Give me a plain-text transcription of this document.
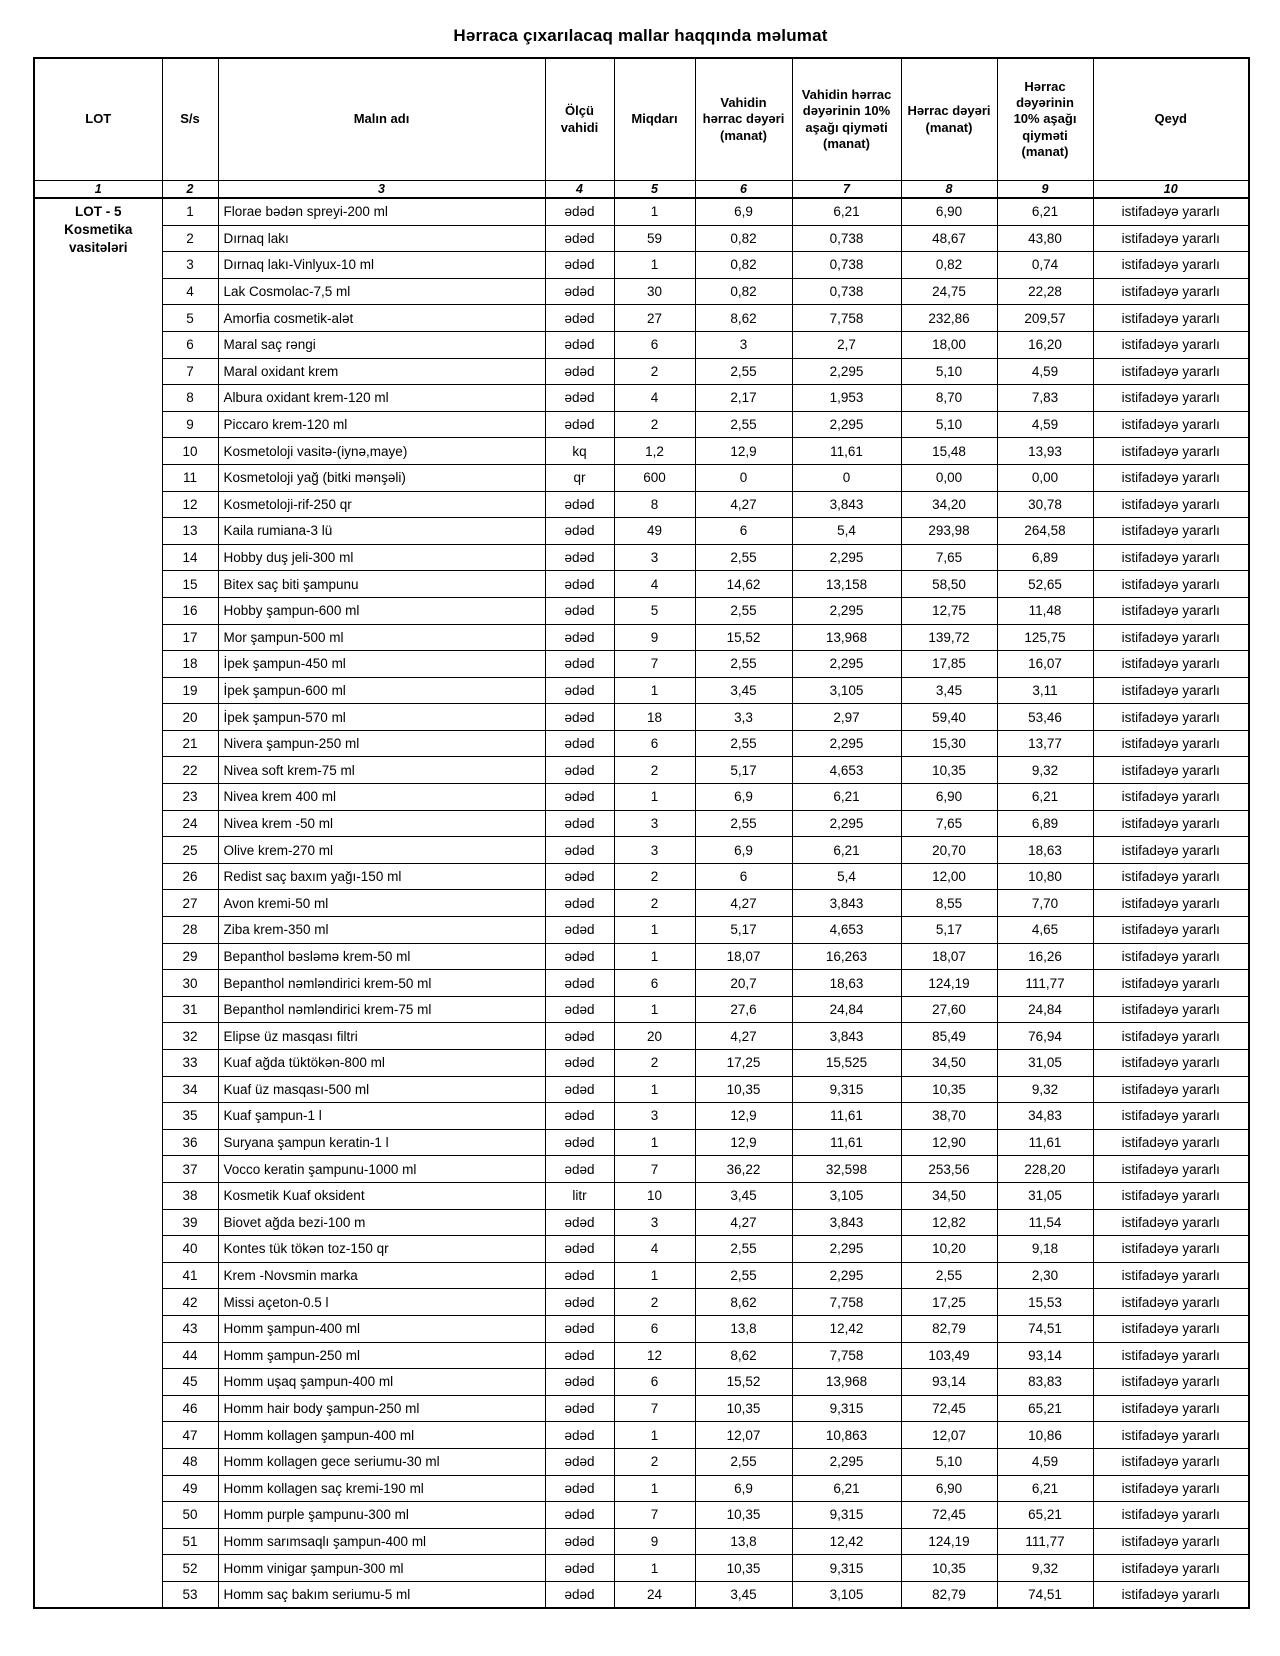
Hərraca çıxarılacaq mallar haqqında məlumat
LOT	S/s	Malın adı	Ölçü vahidi	Miqdarı	Vahidin hərrac dəyəri (manat)	Vahidin hərrac dəyərinin 10% aşağı qiyməti (manat)	Hərrac dəyəri (manat)	Hərrac dəyərinin 10% aşağı qiyməti (manat)	Qeyd
1	2	3	4	5	6	7	8	9	10

LOT - 5
Kosmetika
vasitələri	1	Florae bədən spreyi-200 ml	ədəd	1	6,9	6,21	6,90	6,21	istifadəyə yararlı
	2	Dırnaq lakı	ədəd	59	0,82	0,738	48,67	43,80	istifadəyə yararlı
	3	Dırnaq lakı-Vinlyux-10 ml	ədəd	1	0,82	0,738	0,82	0,74	istifadəyə yararlı
	4	Lak Cosmolac-7,5 ml	ədəd	30	0,82	0,738	24,75	22,28	istifadəyə yararlı
	5	Amorfia cosmetik-alət	ədəd	27	8,62	7,758	232,86	209,57	istifadəyə yararlı
	6	Maral saç rəngi	ədəd	6	3	2,7	18,00	16,20	istifadəyə yararlı
	7	Maral oxidant krem	ədəd	2	2,55	2,295	5,10	4,59	istifadəyə yararlı
	8	Albura oxidant krem-120 ml	ədəd	4	2,17	1,953	8,70	7,83	istifadəyə yararlı
	9	Piccaro krem-120 ml	ədəd	2	2,55	2,295	5,10	4,59	istifadəyə yararlı
	10	Kosmetoloji vasitə-(iynə,maye)	kq	1,2	12,9	11,61	15,48	13,93	istifadəyə yararlı
	11	Kosmetoloji yağ (bitki mənşəli)	qr	600	0	0	0,00	0,00	istifadəyə yararlı
	12	Kosmetoloji-rif-250 qr	ədəd	8	4,27	3,843	34,20	30,78	istifadəyə yararlı
	13	Kaila rumiana-3 lü	ədəd	49	6	5,4	293,98	264,58	istifadəyə yararlı
	14	Hobby duş jeli-300 ml	ədəd	3	2,55	2,295	7,65	6,89	istifadəyə yararlı
	15	Bitex saç biti şampunu	ədəd	4	14,62	13,158	58,50	52,65	istifadəyə yararlı
	16	Hobby şampun-600 ml	ədəd	5	2,55	2,295	12,75	11,48	istifadəyə yararlı
	17	Mor şampun-500 ml	ədəd	9	15,52	13,968	139,72	125,75	istifadəyə yararlı
	18	İpek şampun-450 ml	ədəd	7	2,55	2,295	17,85	16,07	istifadəyə yararlı
	19	İpek şampun-600 ml	ədəd	1	3,45	3,105	3,45	3,11	istifadəyə yararlı
	20	İpek şampun-570 ml	ədəd	18	3,3	2,97	59,40	53,46	istifadəyə yararlı
	21	Nivera şampun-250 ml	ədəd	6	2,55	2,295	15,30	13,77	istifadəyə yararlı
	22	Nivea soft krem-75 ml	ədəd	2	5,17	4,653	10,35	9,32	istifadəyə yararlı
	23	Nivea krem 400 ml	ədəd	1	6,9	6,21	6,90	6,21	istifadəyə yararlı
	24	Nivea krem -50 ml	ədəd	3	2,55	2,295	7,65	6,89	istifadəyə yararlı
	25	Olive krem-270 ml	ədəd	3	6,9	6,21	20,70	18,63	istifadəyə yararlı
	26	Redist saç baxım yağı-150 ml	ədəd	2	6	5,4	12,00	10,80	istifadəyə yararlı
	27	Avon kremi-50 ml	ədəd	2	4,27	3,843	8,55	7,70	istifadəyə yararlı
	28	Ziba krem-350 ml	ədəd	1	5,17	4,653	5,17	4,65	istifadəyə yararlı
	29	Bepanthol bəsləmə krem-50 ml	ədəd	1	18,07	16,263	18,07	16,26	istifadəyə yararlı
	30	Bepanthol nəmləndirici krem-50 ml	ədəd	6	20,7	18,63	124,19	111,77	istifadəyə yararlı
	31	Bepanthol nəmləndirici krem-75 ml	ədəd	1	27,6	24,84	27,60	24,84	istifadəyə yararlı
	32	Elipse üz masqası filtri	ədəd	20	4,27	3,843	85,49	76,94	istifadəyə yararlı
	33	Kuaf ağda tüktökən-800 ml	ədəd	2	17,25	15,525	34,50	31,05	istifadəyə yararlı
	34	Kuaf üz masqası-500 ml	ədəd	1	10,35	9,315	10,35	9,32	istifadəyə yararlı
	35	Kuaf şampun-1 l	ədəd	3	12,9	11,61	38,70	34,83	istifadəyə yararlı
	36	Suryana şampun keratin-1 l	ədəd	1	12,9	11,61	12,90	11,61	istifadəyə yararlı
	37	Vocco keratin şampunu-1000 ml	ədəd	7	36,22	32,598	253,56	228,20	istifadəyə yararlı
	38	Kosmetik Kuaf oksident	litr	10	3,45	3,105	34,50	31,05	istifadəyə yararlı
	39	Biovet ağda bezi-100 m	ədəd	3	4,27	3,843	12,82	11,54	istifadəyə yararlı
	40	Kontes tük tökən toz-150 qr	ədəd	4	2,55	2,295	10,20	9,18	istifadəyə yararlı
	41	Krem -Novsmin marka	ədəd	1	2,55	2,295	2,55	2,30	istifadəyə yararlı
	42	Missi açeton-0.5 l	ədəd	2	8,62	7,758	17,25	15,53	istifadəyə yararlı
	43	Homm şampun-400 ml	ədəd	6	13,8	12,42	82,79	74,51	istifadəyə yararlı
	44	Homm şampun-250 ml	ədəd	12	8,62	7,758	103,49	93,14	istifadəyə yararlı
	45	Homm uşaq şampun-400 ml	ədəd	6	15,52	13,968	93,14	83,83	istifadəyə yararlı
	46	Homm hair body şampun-250 ml	ədəd	7	10,35	9,315	72,45	65,21	istifadəyə yararlı
	47	Homm kollagen şampun-400 ml	ədəd	1	12,07	10,863	12,07	10,86	istifadəyə yararlı
	48	Homm kollagen gece seriumu-30 ml	ədəd	2	2,55	2,295	5,10	4,59	istifadəyə yararlı
	49	Homm kollagen saç kremi-190 ml	ədəd	1	6,9	6,21	6,90	6,21	istifadəyə yararlı
	50	Homm purple şampunu-300 ml	ədəd	7	10,35	9,315	72,45	65,21	istifadəyə yararlı
	51	Homm sarımsaqlı şampun-400 ml	ədəd	9	13,8	12,42	124,19	111,77	istifadəyə yararlı
	52	Homm vinigar şampun-300 ml	ədəd	1	10,35	9,315	10,35	9,32	istifadəyə yararlı
	53	Homm saç bakım seriumu-5 ml	ədəd	24	3,45	3,105	82,79	74,51	istifadəyə yararlı
